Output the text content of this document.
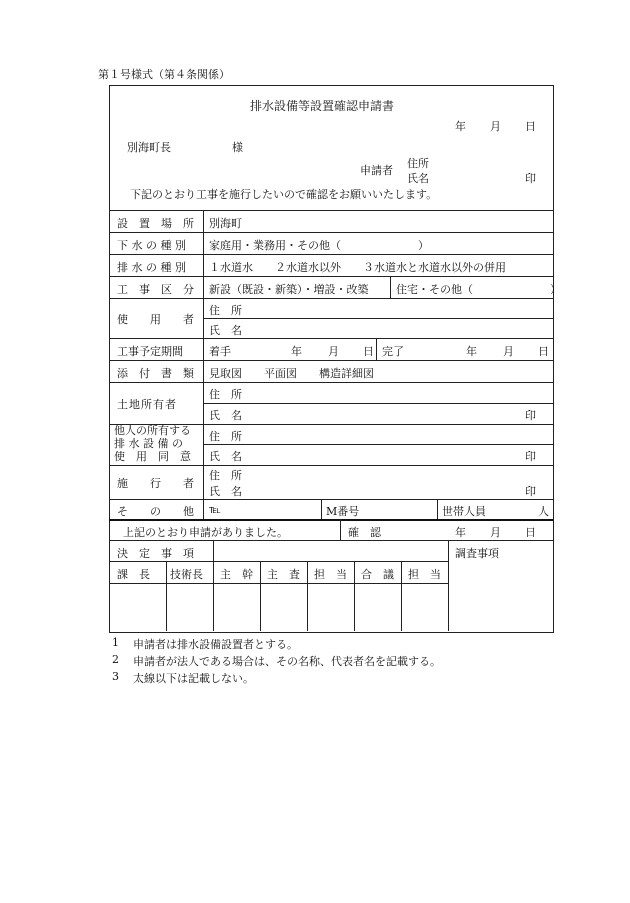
第１号様式（第４条関係）
排水設備等設置確認申請書
年 月 日
別海町長	様
申請者
住所
氏名	印
下記のとおり工事を施行したいので確認をお願いいたします。
設　置　場　所 別海町
下 水 の 種 別 家庭用・業務用・その他（　　　　　　　）
排 水 の 種 別 １水道水　　２水道水以外　　３水道水と水道水以外の併用
工　事　区　分 新設（既設・新築）・増設・改築	住宅・その他（　　　　　　　）
使　　用　　者
住　所
氏　名
工事予定期間 着手	年 月 日 完了	年 月 日
添　付　書　類 見取図　　平面図　　構造詳細図
土地所有者
住　所
氏　名	印
他人の所有する
排 水 設 備 の
使　用　同　意
住　所
氏　名	印
施　　行　　者
住　所
氏　名	印
そ　　の　　他 ℡	M番号	世帯人員	人
上記のとおり申請がありました。	確　認	年 月 日
決　定　事　項	調査事項
課　長 技術長 主　幹 主　査 担　当 合　議 担　当
1 申請者は排水設備設置者とする。
2 申請者が法人である場合は、その名称、代表者名を記載する。
3 太線以下は記載しない。
